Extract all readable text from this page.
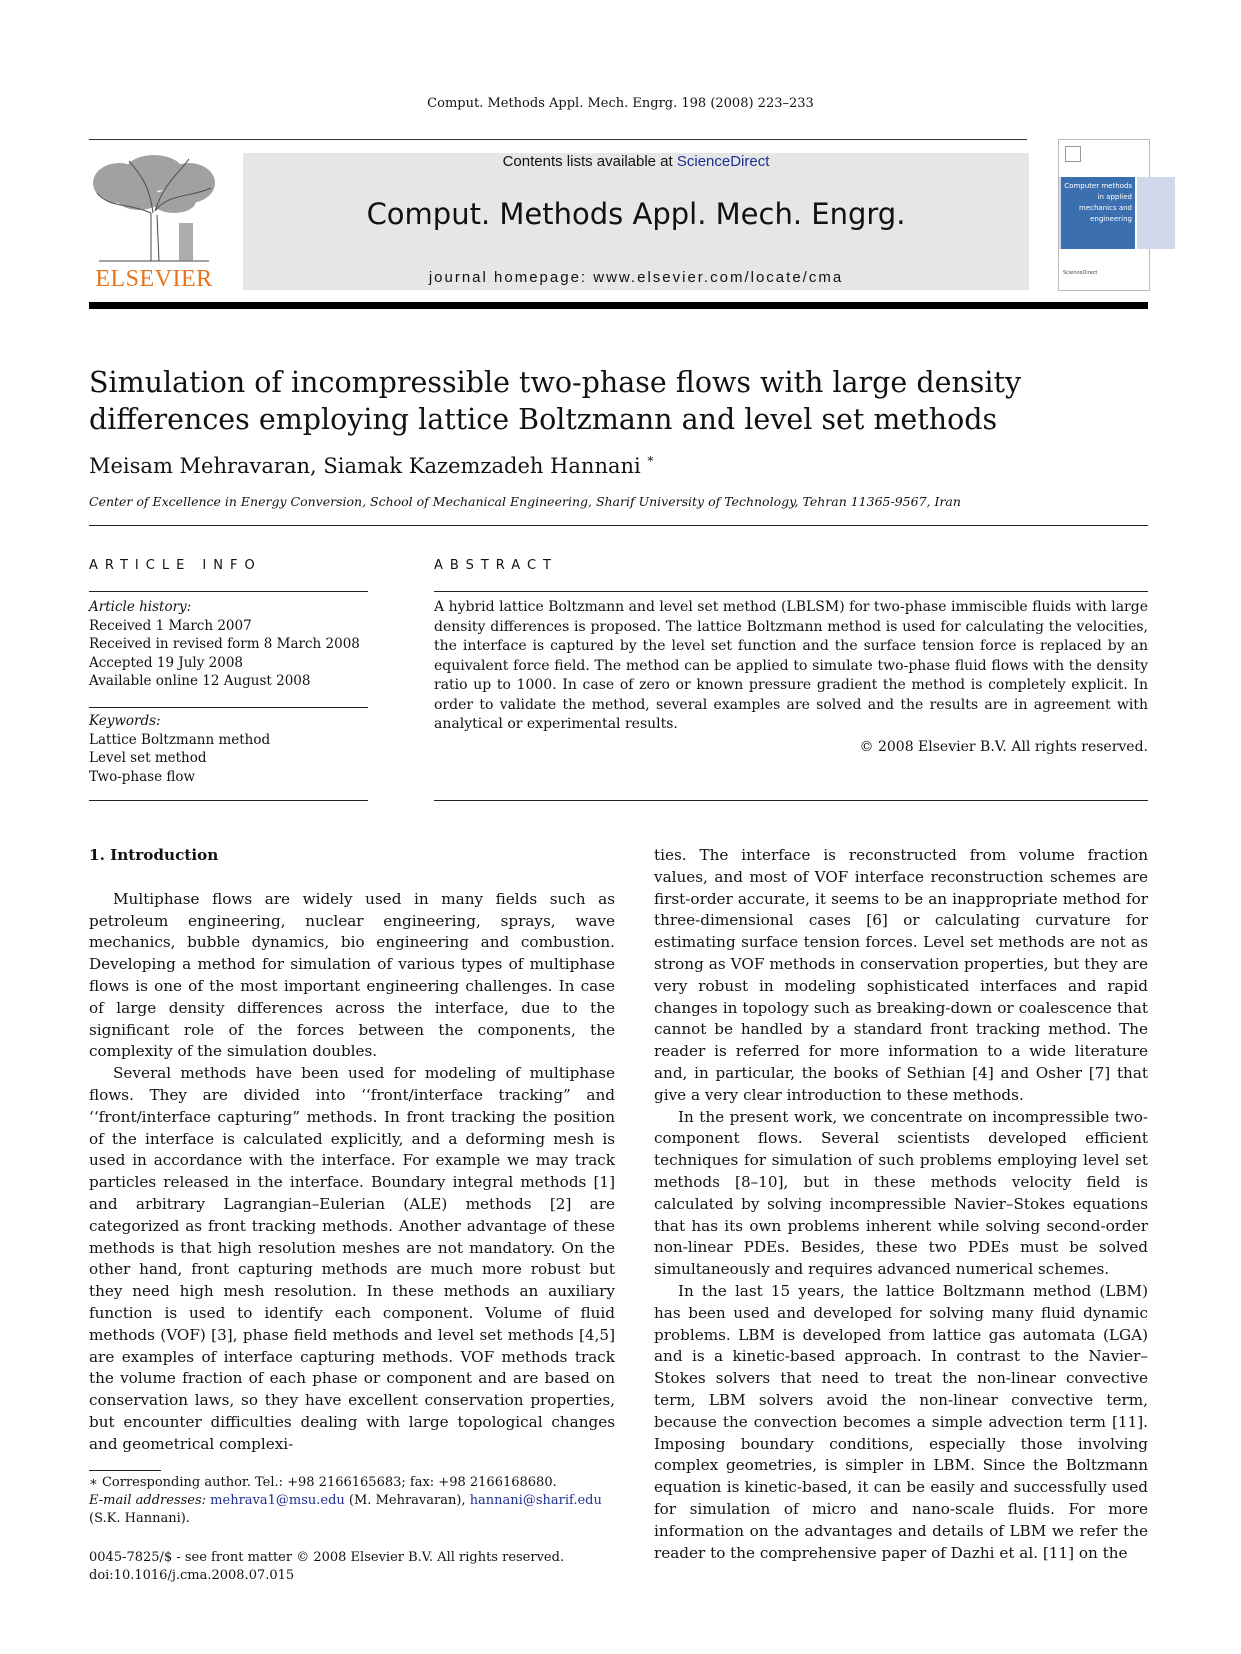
Comput. Methods Appl. Mech. Engrg. 198 (2008) 223–233
ELSEVIER
Contents lists available at ScienceDirect
Comput. Methods Appl. Mech. Engrg.
journal homepage: www.elsevier.com/locate/cma
Computer methods in applied mechanics and engineering
ScienceDirect
Simulation of incompressible two-phase flows with large density differences employing lattice Boltzmann and level set methods
Meisam Mehravaran, Siamak Kazemzadeh Hannani *
Center of Excellence in Energy Conversion, School of Mechanical Engineering, Sharif University of Technology, Tehran 11365-9567, Iran
ARTICLE INFO
Article history:
Received 1 March 2007
Received in revised form 8 March 2008
Accepted 19 July 2008
Available online 12 August 2008
Keywords:
Lattice Boltzmann method
Level set method
Two-phase flow
ABSTRACT
A hybrid lattice Boltzmann and level set method (LBLSM) for two-phase immiscible fluids with large density differences is proposed. The lattice Boltzmann method is used for calculating the velocities, the interface is captured by the level set function and the surface tension force is replaced by an equivalent force field. The method can be applied to simulate two-phase fluid flows with the density ratio up to 1000. In case of zero or known pressure gradient the method is completely explicit. In order to validate the method, several examples are solved and the results are in agreement with analytical or experimental results.
© 2008 Elsevier B.V. All rights reserved.
1. Introduction

Multiphase flows are widely used in many fields such as petroleum engineering, nuclear engineering, sprays, wave mechanics, bubble dynamics, bio engineering and combustion. Developing a method for simulation of various types of multiphase flows is one of the most important engineering challenges. In case of large density differences across the interface, due to the significant role of the forces between the components, the complexity of the simulation doubles.

Several methods have been used for modeling of multiphase flows. They are divided into ‘‘front/interface tracking” and ‘‘front/interface capturing” methods. In front tracking the position of the interface is calculated explicitly, and a deforming mesh is used in accordance with the interface. For example we may track particles released in the interface. Boundary integral methods [1] and arbitrary Lagrangian–Eulerian (ALE) methods [2] are categorized as front tracking methods. Another advantage of these methods is that high resolution meshes are not mandatory. On the other hand, front capturing methods are much more robust but they need high mesh resolution. In these methods an auxiliary function is used to identify each component. Volume of fluid methods (VOF) [3], phase field methods and level set methods [4,5] are examples of interface capturing methods. VOF methods track the volume fraction of each phase or component and are based on conservation laws, so they have excellent conservation properties, but encounter difficulties dealing with large topological changes and geometrical complexi-

ties. The interface is reconstructed from volume fraction values, and most of VOF interface reconstruction schemes are first-order accurate, it seems to be an inappropriate method for three-dimensional cases [6] or calculating curvature for estimating surface tension forces. Level set methods are not as strong as VOF methods in conservation properties, but they are very robust in modeling sophisticated interfaces and rapid changes in topology such as breaking-down or coalescence that cannot be handled by a standard front tracking method. The reader is referred for more information to a wide literature and, in particular, the books of Sethian [4] and Osher [7] that give a very clear introduction to these methods.

In the present work, we concentrate on incompressible two-component flows. Several scientists developed efficient techniques for simulation of such problems employing level set methods [8–10], but in these methods velocity field is calculated by solving incompressible Navier–Stokes equations that has its own problems inherent while solving second-order non-linear PDEs. Besides, these two PDEs must be solved simultaneously and requires advanced numerical schemes.

In the last 15 years, the lattice Boltzmann method (LBM) has been used and developed for solving many fluid dynamic problems. LBM is developed from lattice gas automata (LGA) and is a kinetic-based approach. In contrast to the Navier–Stokes solvers that need to treat the non-linear convective term, LBM solvers avoid the non-linear convective term, because the convection becomes a simple advection term [11]. Imposing boundary conditions, especially those involving complex geometries, is simpler in LBM. Since the Boltzmann equation is kinetic-based, it can be easily and successfully used for simulation of micro and nano-scale fluids. For more information on the advantages and details of LBM we refer the reader to the comprehensive paper of Dazhi et al. [11] on the

∗ Corresponding author. Tel.: +98 2166165683; fax: +98 2166168680.
E-mail addresses: mehrava1@msu.edu (M. Mehravaran), hannani@sharif.edu
(S.K. Hannani).
0045-7825/$ - see front matter © 2008 Elsevier B.V. All rights reserved.
doi:10.1016/j.cma.2008.07.015
